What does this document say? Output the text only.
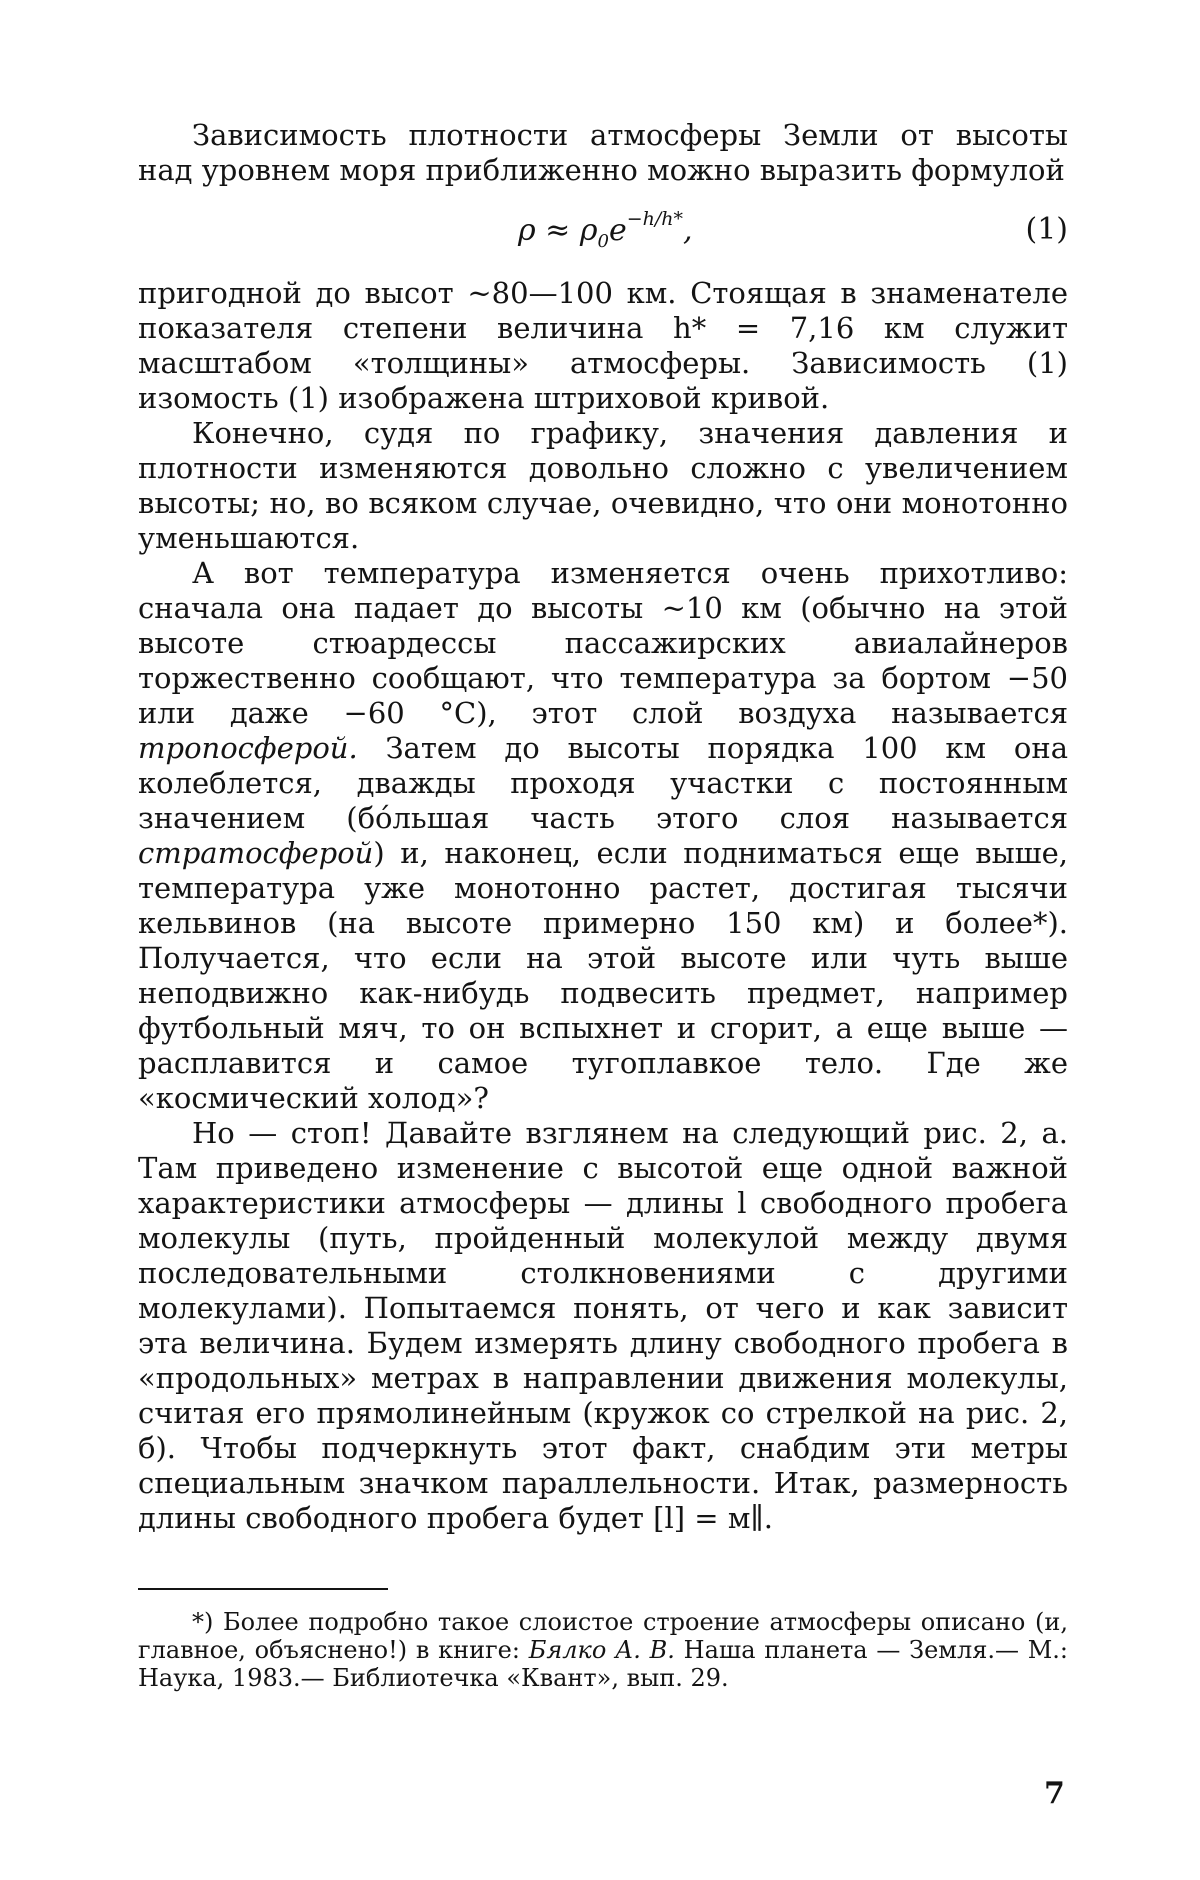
Зависимость плотности атмосферы Земли от высоты над уровнем моря приближенно можно выразить формулой

$\rho \approx \rho_0e^{-h/h*}$,	(1)

пригодной до высот ~80—100 км. Стоящая в знаменателе показателя степени величина h* = 7,16 км служит масштабом «толщины» атмосферы. Зависимость (1) изомость (1) изображена штриховой кривой.

Конечно, судя по графику, значения давления и плотности изменяются довольно сложно с увеличением высоты; но, во всяком случае, очевидно, что они монотонно уменьшаются.

А вот температура изменяется очень прихотливо: сначала она падает до высоты ~10 км (обычно на этой высоте стюардессы пассажирских авиалайнеров торжественно сообщают, что температура за бортом −50 или даже −60 °C), этот слой воздуха называется тропосферой. Затем до высоты порядка 100 км она колеблется, дважды проходя участки с постоянным значением (бо́льшая часть этого слоя называется стратосферой) и, наконец, если подниматься еще выше, температура уже монотонно растет, достигая тысячи кельвинов (на высоте примерно 150 км) и более*). Получается, что если на этой высоте или чуть выше неподвижно как-нибудь подвесить предмет, например футбольный мяч, то он вспыхнет и сгорит, а еще выше — расплавится и самое тугоплавкое тело. Где же «космический холод»?

Но — стоп! Давайте взглянем на следующий рис. 2, а. Там приведено изменение с высотой еще одной важной характеристики атмосферы — длины l свободного пробега молекулы (путь, пройденный молекулой между двумя последовательными столкновениями с другими молекулами). Попытаемся понять, от чего и как зависит эта величина. Будем измерять длину свободного пробега в «продольных» метрах в направлении движения молекулы, считая его прямолинейным (кружок со стрелкой на рис. 2, б). Чтобы подчеркнуть этот факт, снабдим эти метры специальным значком параллельности. Итак, размерность длины свободного пробега будет [l] = м∥.

*) Более подробно такое слоистое строение атмосферы описано (и, главное, объяснено!) в книге: Бялко А. В. Наша планета — Земля.— М.: Наука, 1983.— Библиотечка «Квант», вып. 29.

7
